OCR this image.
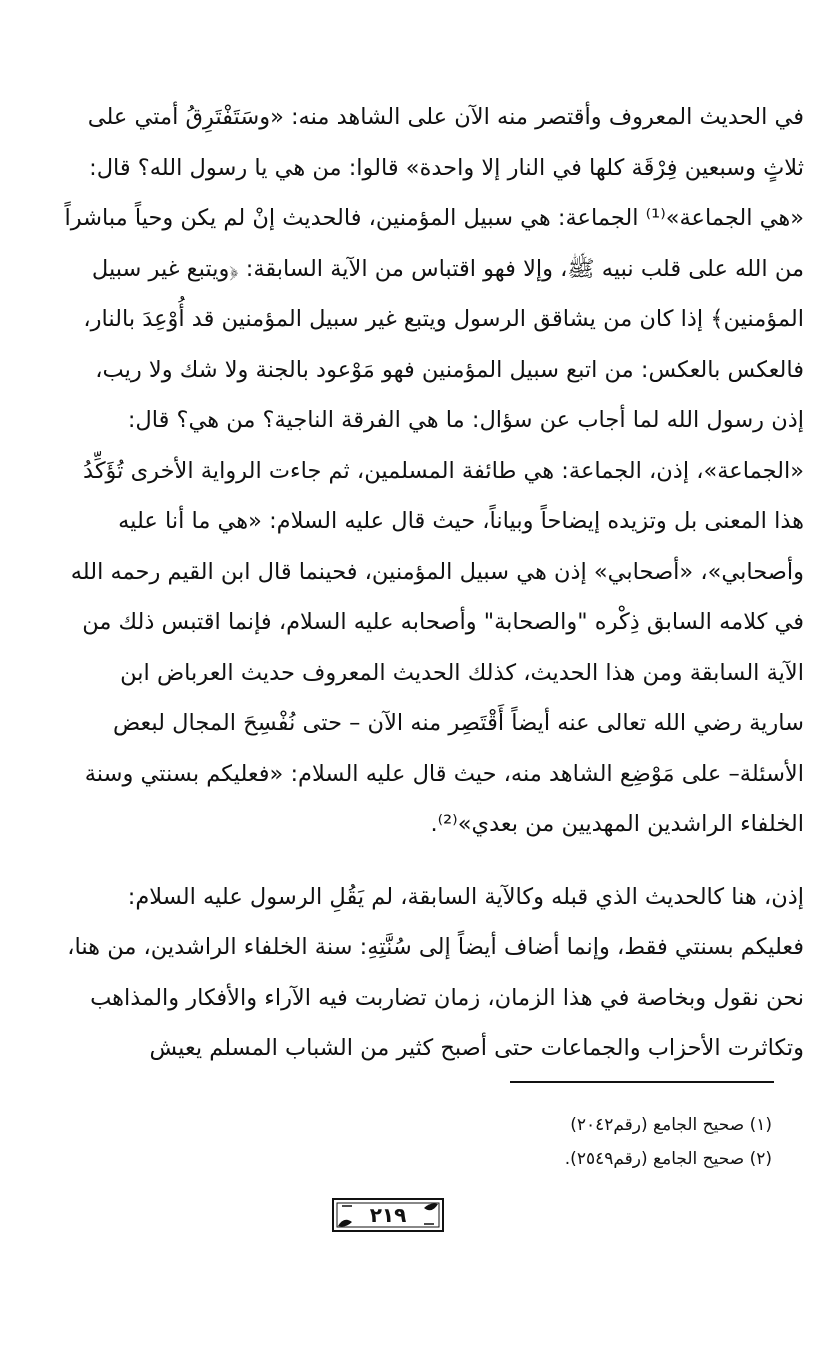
في الحديث المعروف وأقتصر منه الآن على الشاهد منه: «وسَتَفْتَرِقُ أمتي على

ثلاثٍ وسبعين فِرْقَة كلها في النار إلا واحدة» قالوا: من هي يا رسول الله؟ قال:

«هي الجماعة»⁽¹⁾ الجماعة: هي سبيل المؤمنين، فالحديث إنْ لم يكن وحياً مباشراً

من الله على قلب نبيه ﷺ، وإلا فهو اقتباس من الآية السابقة: ﴿ويتبع غير سبيل

المؤمنين﴾ إذا كان من يشاقق الرسول ويتبع غير سبيل المؤمنين قد أُوْعِدَ بالنار،

فالعكس بالعكس: من اتبع سبيل المؤمنين فهو مَوْعود بالجنة ولا شك ولا ريب،

إذن رسول الله لما أجاب عن سؤال: ما هي الفرقة الناجية؟ من هي؟ قال:

«الجماعة»، إذن، الجماعة: هي طائفة المسلمين، ثم جاءت الرواية الأخرى تُؤَكِّدُ

هذا المعنى بل وتزيده إيضاحاً وبياناً، حيث قال عليه السلام: «هي ما أنا عليه

وأصحابي»، «أصحابي» إذن هي سبيل المؤمنين، فحينما قال ابن القيم رحمه الله

في كلامه السابق ذِكْره "والصحابة" وأصحابه عليه السلام، فإنما اقتبس ذلك من

الآية السابقة ومن هذا الحديث، كذلك الحديث المعروف حديث العرباض ابن

سارية رضي الله تعالى عنه أيضاً أَقْتَصِر منه الآن – حتى نُفْسِحَ المجال لبعض

الأسئلة– على مَوْضِع الشاهد منه، حيث قال عليه السلام: «فعليكم بسنتي وسنة

الخلفاء الراشدين المهديين من بعدي»⁽²⁾.

إذن، هنا كالحديث الذي قبله وكالآية السابقة، لم يَقُلِ الرسول عليه السلام:

فعليكم بسنتي فقط، وإنما أضاف أيضاً إلى سُنَّتِهِ: سنة الخلفاء الراشدين، من هنا،

نحن نقول وبخاصة في هذا الزمان، زمان تضاربت فيه الآراء والأفكار والمذاهب

وتكاثرت الأحزاب والجماعات حتى أصبح كثير من الشباب المسلم يعيش

(١) صحيح الجامع (رقم٢٠٤٢)
(٢) صحيح الجامع (رقم٢٥٤٩).
٢١٩
